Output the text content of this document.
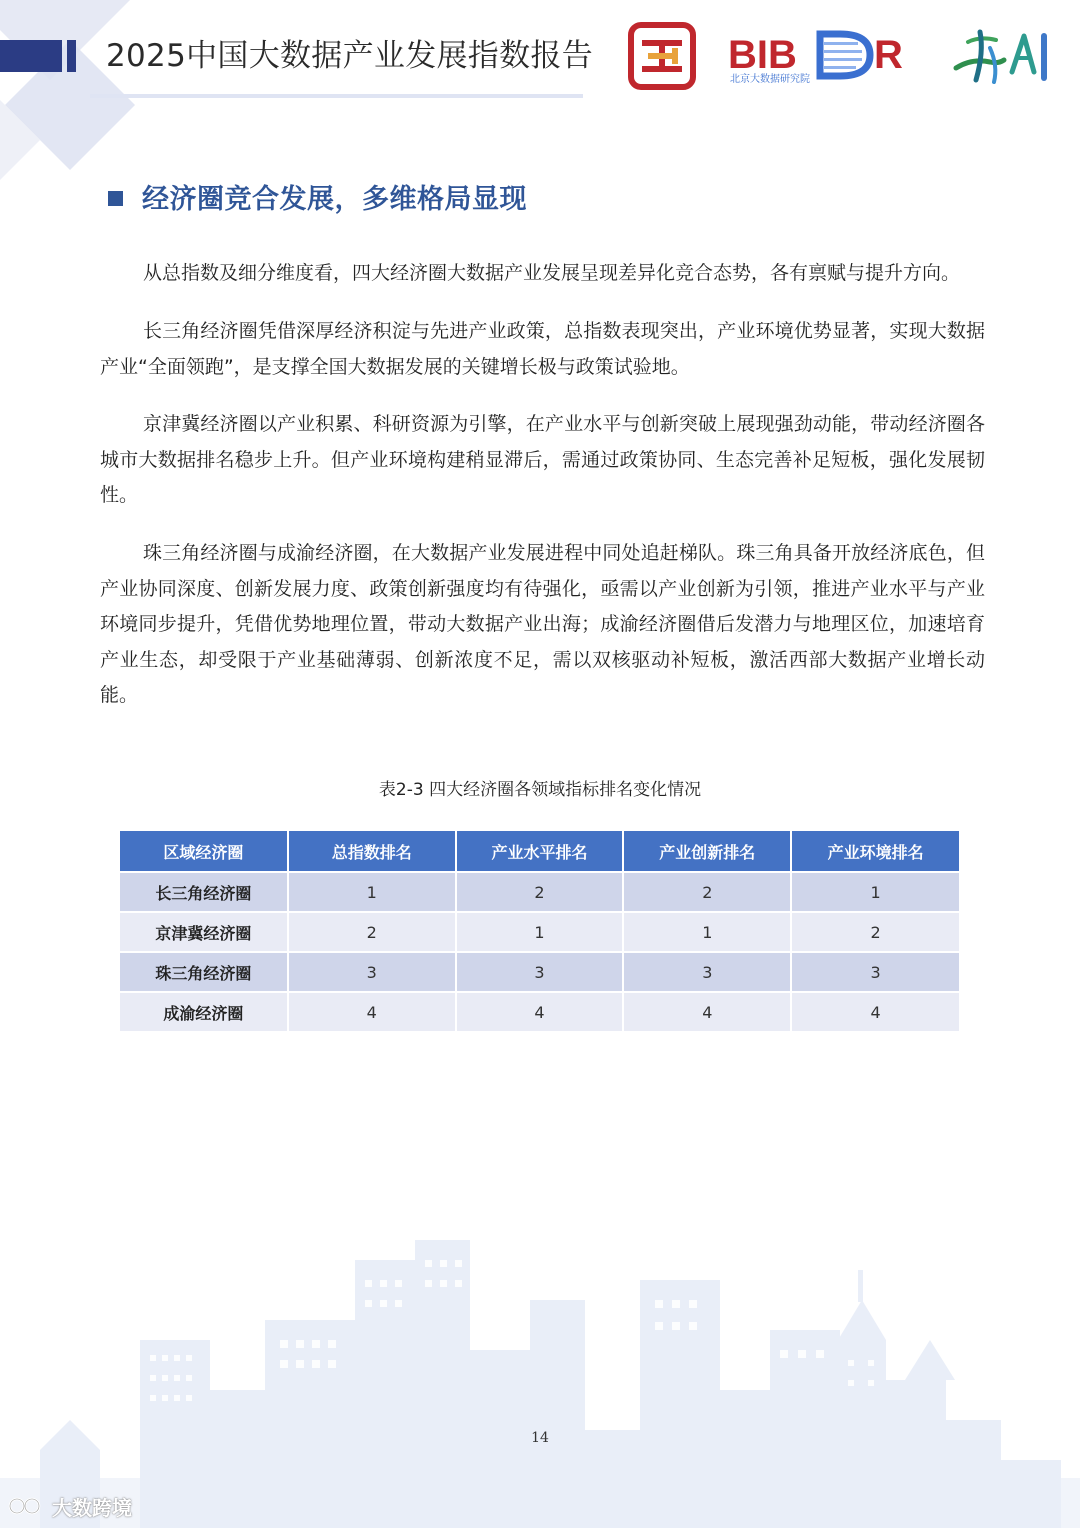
2025中国大数据产业发展指数报告	BIB R
北京大数据研究院
经济圈竞合发展，多维格局显现

从总指数及细分维度看，四大经济圈大数据产业发展呈现差异化竞合态势，各有禀赋与提升方向。

长三角经济圈凭借深厚经济积淀与先进产业政策，总指数表现突出，产业环境优势显著，实现大数据产业“全面领跑”，是支撑全国大数据发展的关键增长极与政策试验地。

京津冀经济圈以产业积累、科研资源为引擎，在产业水平与创新突破上展现强劲动能，带动经济圈各城市大数据排名稳步上升。但产业环境构建稍显滞后，需通过政策协同、生态完善补足短板，强化发展韧性。

珠三角经济圈与成渝经济圈，在大数据产业发展进程中同处追赶梯队。珠三角具备开放经济底色，但产业协同深度、创新发展力度、政策创新强度均有待强化，亟需以产业创新为引领，推进产业水平与产业环境同步提升，凭借优势地理位置，带动大数据产业出海；成渝经济圈借后发潜力与地理区位，加速培育产业生态，却受限于产业基础薄弱、创新浓度不足，需以双核驱动补短板，激活西部大数据产业增长动能。

表2-3 四大经济圈各领域指标排名变化情况
区域经济圈	总指数排名	产业水平排名	产业创新排名	产业环境排名
长三角经济圈	1	2	2	1
京津冀经济圈	2	1	1	2
珠三角经济圈	3	3	3	3
成渝经济圈	4	4	4	4
14
大数跨境
